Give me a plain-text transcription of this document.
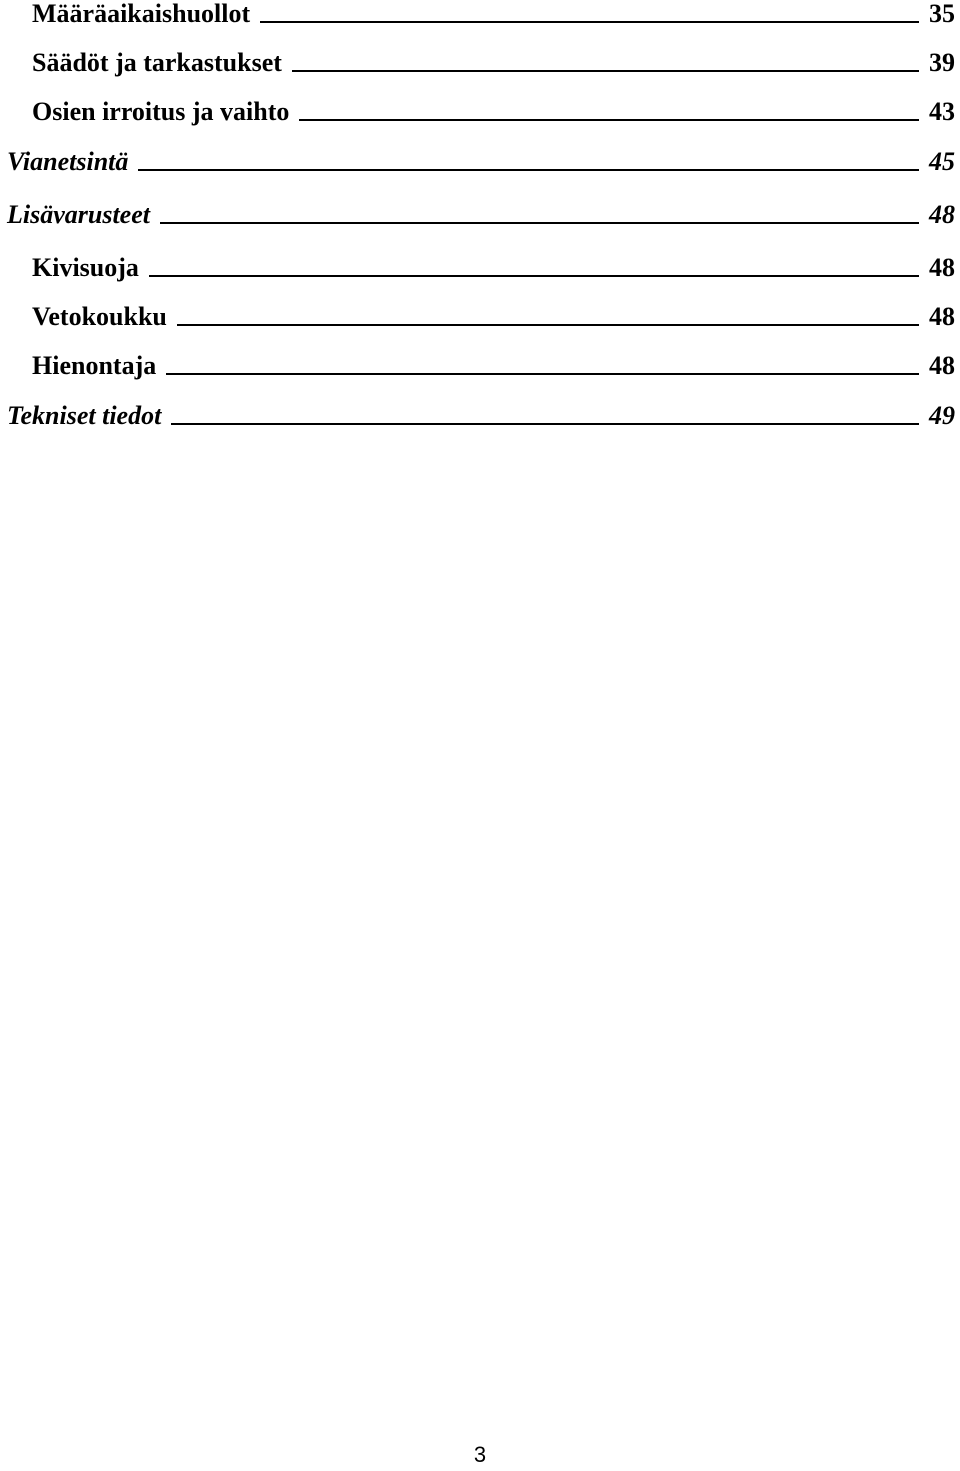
Määräaikaishuollot	35
Säädöt ja tarkastukset	39
Osien irroitus ja vaihto	43
Vianetsintä	45
Lisävarusteet	48
Kivisuoja	48
Vetokoukku	48
Hienontaja	48
Tekniset tiedot	49
3
